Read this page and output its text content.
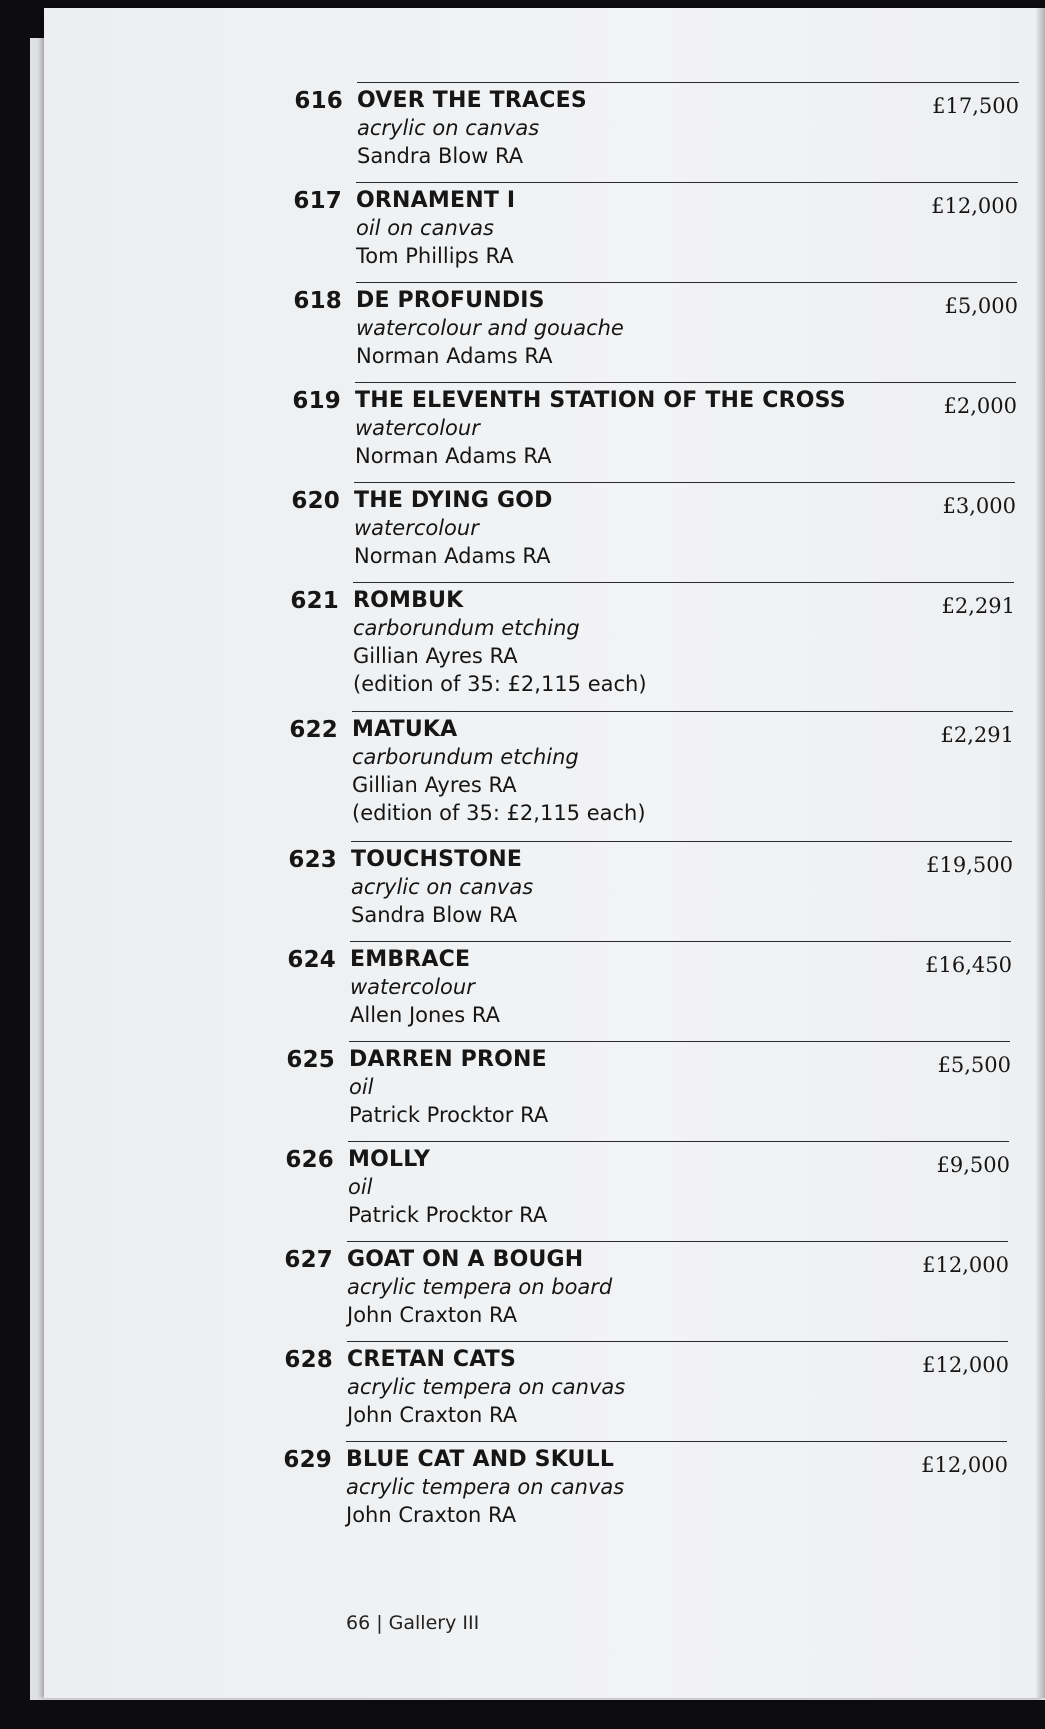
616 OVER THE TRACES
acrylic on canvas
Sandra Blow RA
£17,500
617 ORNAMENT I
oil on canvas
Tom Phillips RA
£12,000
618 DE PROFUNDIS
watercolour and gouache
Norman Adams RA
£5,000
619 THE ELEVENTH STATION OF THE CROSS
watercolour
Norman Adams RA
£2,000
620 THE DYING GOD
watercolour
Norman Adams RA
£3,000
621 ROMBUK
carborundum etching
Gillian Ayres RA
(edition of 35: £2,115 each)
£2,291
622 MATUKA
carborundum etching
Gillian Ayres RA
(edition of 35: £2,115 each)
£2,291
623 TOUCHSTONE
acrylic on canvas
Sandra Blow RA
£19,500
624 EMBRACE
watercolour
Allen Jones RA
£16,450
625 DARREN PRONE
oil
Patrick Procktor RA
£5,500
626 MOLLY
oil
Patrick Procktor RA
£9,500
627 GOAT ON A BOUGH
acrylic tempera on board
John Craxton RA
£12,000
628 CRETAN CATS
acrylic tempera on canvas
John Craxton RA
£12,000
629 BLUE CAT AND SKULL
acrylic tempera on canvas
John Craxton RA
£12,000
66 | Gallery III
